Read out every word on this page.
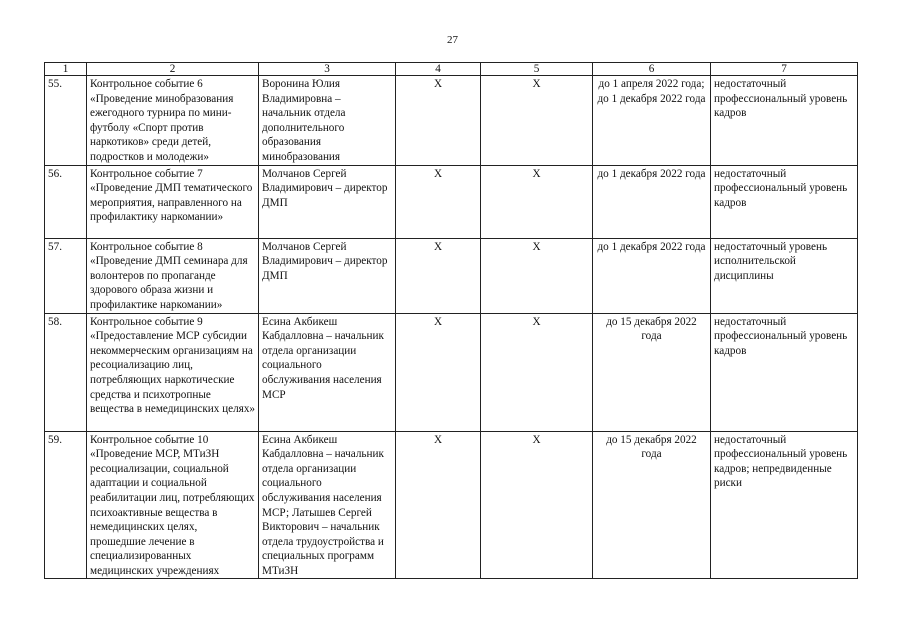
27
1	2	3	4	5	6	7
55.	Контрольное событие 6 «Проведение минобразования ежегодного турнира по мини-футболу «Спорт против наркотиков» среди детей, подростков и молодежи»	Воронина Юлия Владимировна – начальник отдела дополнительного образования минобразования	X	X	до 1 апреля 2022 года; до 1 декабря 2022 года	недостаточный профессиональный уровень кадров
56.	Контрольное событие 7 «Проведение ДМП тематического мероприятия, направленного на профилактику наркомании»	Молчанов Сергей Владимирович – директор ДМП	X	X	до 1 декабря 2022 года	недостаточный профессиональный уровень кадров
57.	Контрольное событие 8 «Проведение ДМП семинара для волонтеров по пропаганде здорового образа жизни и профилактике наркомании»	Молчанов Сергей Владимирович – директор ДМП	X	X	до 1 декабря 2022 года	недостаточный уровень исполнительской дисциплины
58.	Контрольное событие 9 «Предоставление МСР субсидии некоммерческим организациям на ресоциализацию лиц, потребляющих наркотические средства и психотропные вещества в немедицинских целях»	Есина Акбикеш Кабдалловна – начальник отдела организации социального обслуживания населения МСР	X	X	до 15 декабря 2022 года	недостаточный профессиональный уровень кадров
59.	Контрольное событие 10 «Проведение МСР, МТиЗН ресоциализации, социальной адаптации и социальной реабилитации лиц, потребляющих психоактивные вещества в немедицинских целях, прошедшие лечение в специализированных медицинских учреждениях	Есина Акбикеш Кабдалловна – начальник отдела организации социального обслуживания населения МСР; Латышев Сергей Викторович – начальник отдела трудоустройства и специальных программ МТиЗН	X	X	до 15 декабря 2022 года	недостаточный профессиональный уровень кадров; непредвиденные риски
